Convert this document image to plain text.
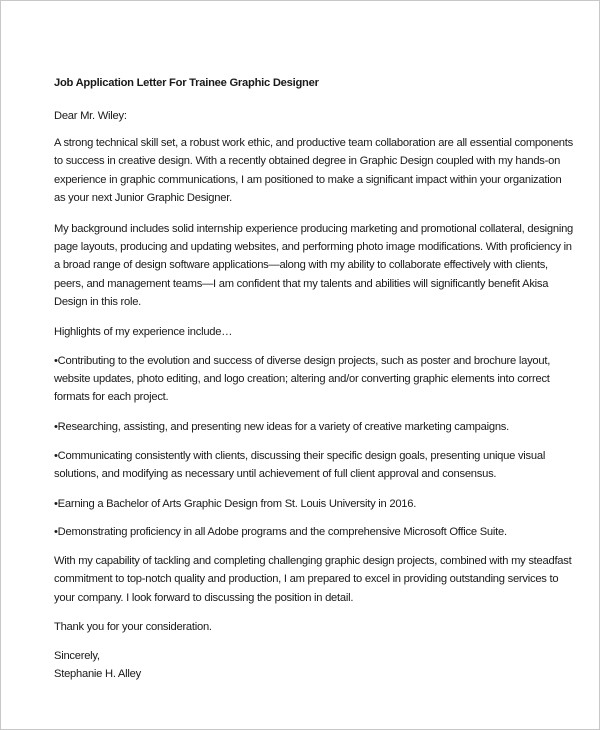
Job Application Letter For Trainee Graphic Designer
Dear Mr. Wiley:
A strong technical skill set, a robust work ethic, and productive team collaboration are all essential components to success in creative design. With a recently obtained degree in Graphic Design coupled with my hands-on experience in graphic communications, I am positioned to make a significant impact within your organization as your next Junior Graphic Designer.
My background includes solid internship experience producing marketing and promotional collateral, designing page layouts, producing and updating websites, and performing photo image modifications. With proficiency in a broad range of design software applications—along with my ability to collaborate effectively with clients, peers, and management teams—I am confident that my talents and abilities will significantly benefit Akisa Design in this role.
Highlights of my experience include…
•Contributing to the evolution and success of diverse design projects, such as poster and brochure layout, website updates, photo editing, and logo creation; altering and/or converting graphic elements into correct formats for each project.
•Researching, assisting, and presenting new ideas for a variety of creative marketing campaigns.
•Communicating consistently with clients, discussing their specific design goals, presenting unique visual solutions, and modifying as necessary until achievement of full client approval and consensus.
•Earning a Bachelor of Arts Graphic Design from St. Louis University in 2016.
•Demonstrating proficiency in all Adobe programs and the comprehensive Microsoft Office Suite.
With my capability of tackling and completing challenging graphic design projects, combined with my steadfast commitment to top-notch quality and production, I am prepared to excel in providing outstanding services to your company. I look forward to discussing the position in detail.
Thank you for your consideration.
Sincerely,
Stephanie H. Alley
